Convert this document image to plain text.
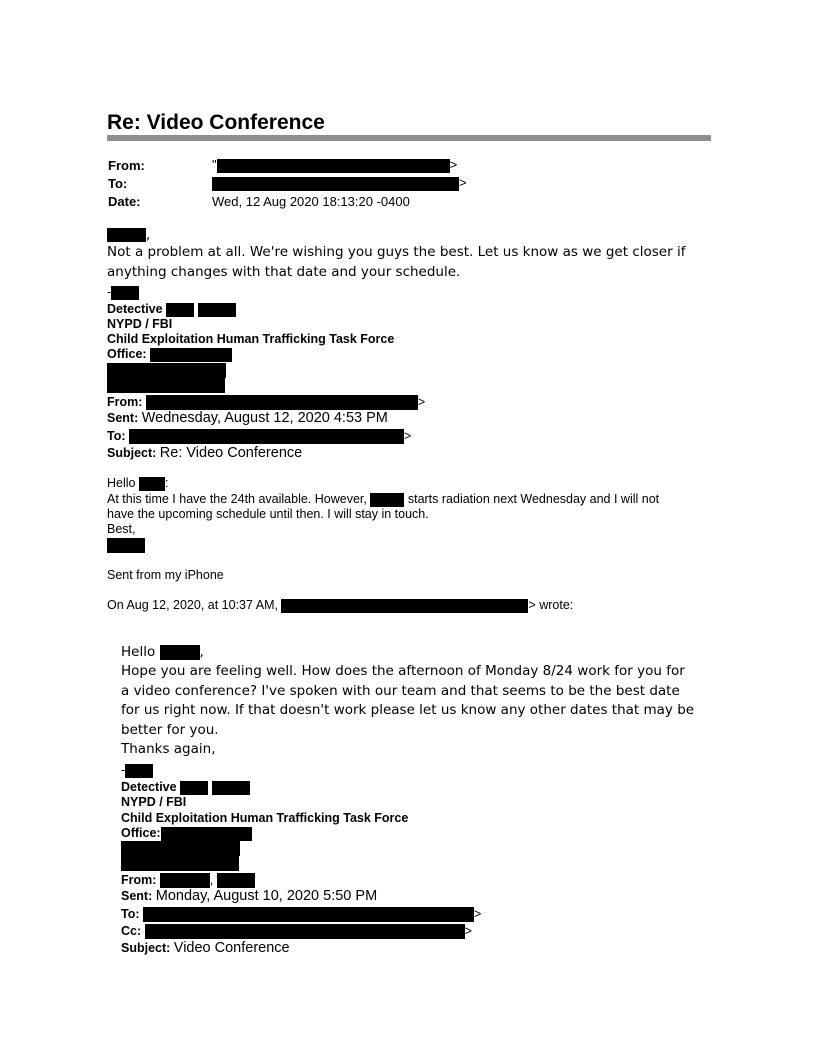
Re: Video Conference
From:	"	>
To:	>
Date:	Wed, 12 Aug 2020 18:13:20 -0400
,
Not a problem at all. We're wishing you guys the best. Let us know as we get closer if anything changes with that date and your schedule.
-
Detective
NYPD / FBI
Child Exploitation Human Trafficking Task Force
Office:
From:	>
Sent: Wednesday, August 12, 2020 4:53 PM
To:	>
Subject: Re: Video Conference
Hello :
At this time I have the 24th available. However,	starts radiation next Wednesday and I will not
have the upcoming schedule until then. I will stay in touch.
Best,
Sent from my iPhone
On Aug 12, 2020, at 10:37 AM,	> wrote:
Hello	,
Hope you are feeling well. How does the afternoon of Monday 8/24 work for you for a video conference? I've spoken with our team and that seems to be the best date for us right now. If that doesn't work please let us know any other dates that may be better for you.
Thanks again,
-
Detective
NYPD / FBI
Child Exploitation Human Trafficking Task Force
Office:
From:	,
Sent: Monday, August 10, 2020 5:50 PM
To:	>
Cc:	>
Subject: Video Conference
